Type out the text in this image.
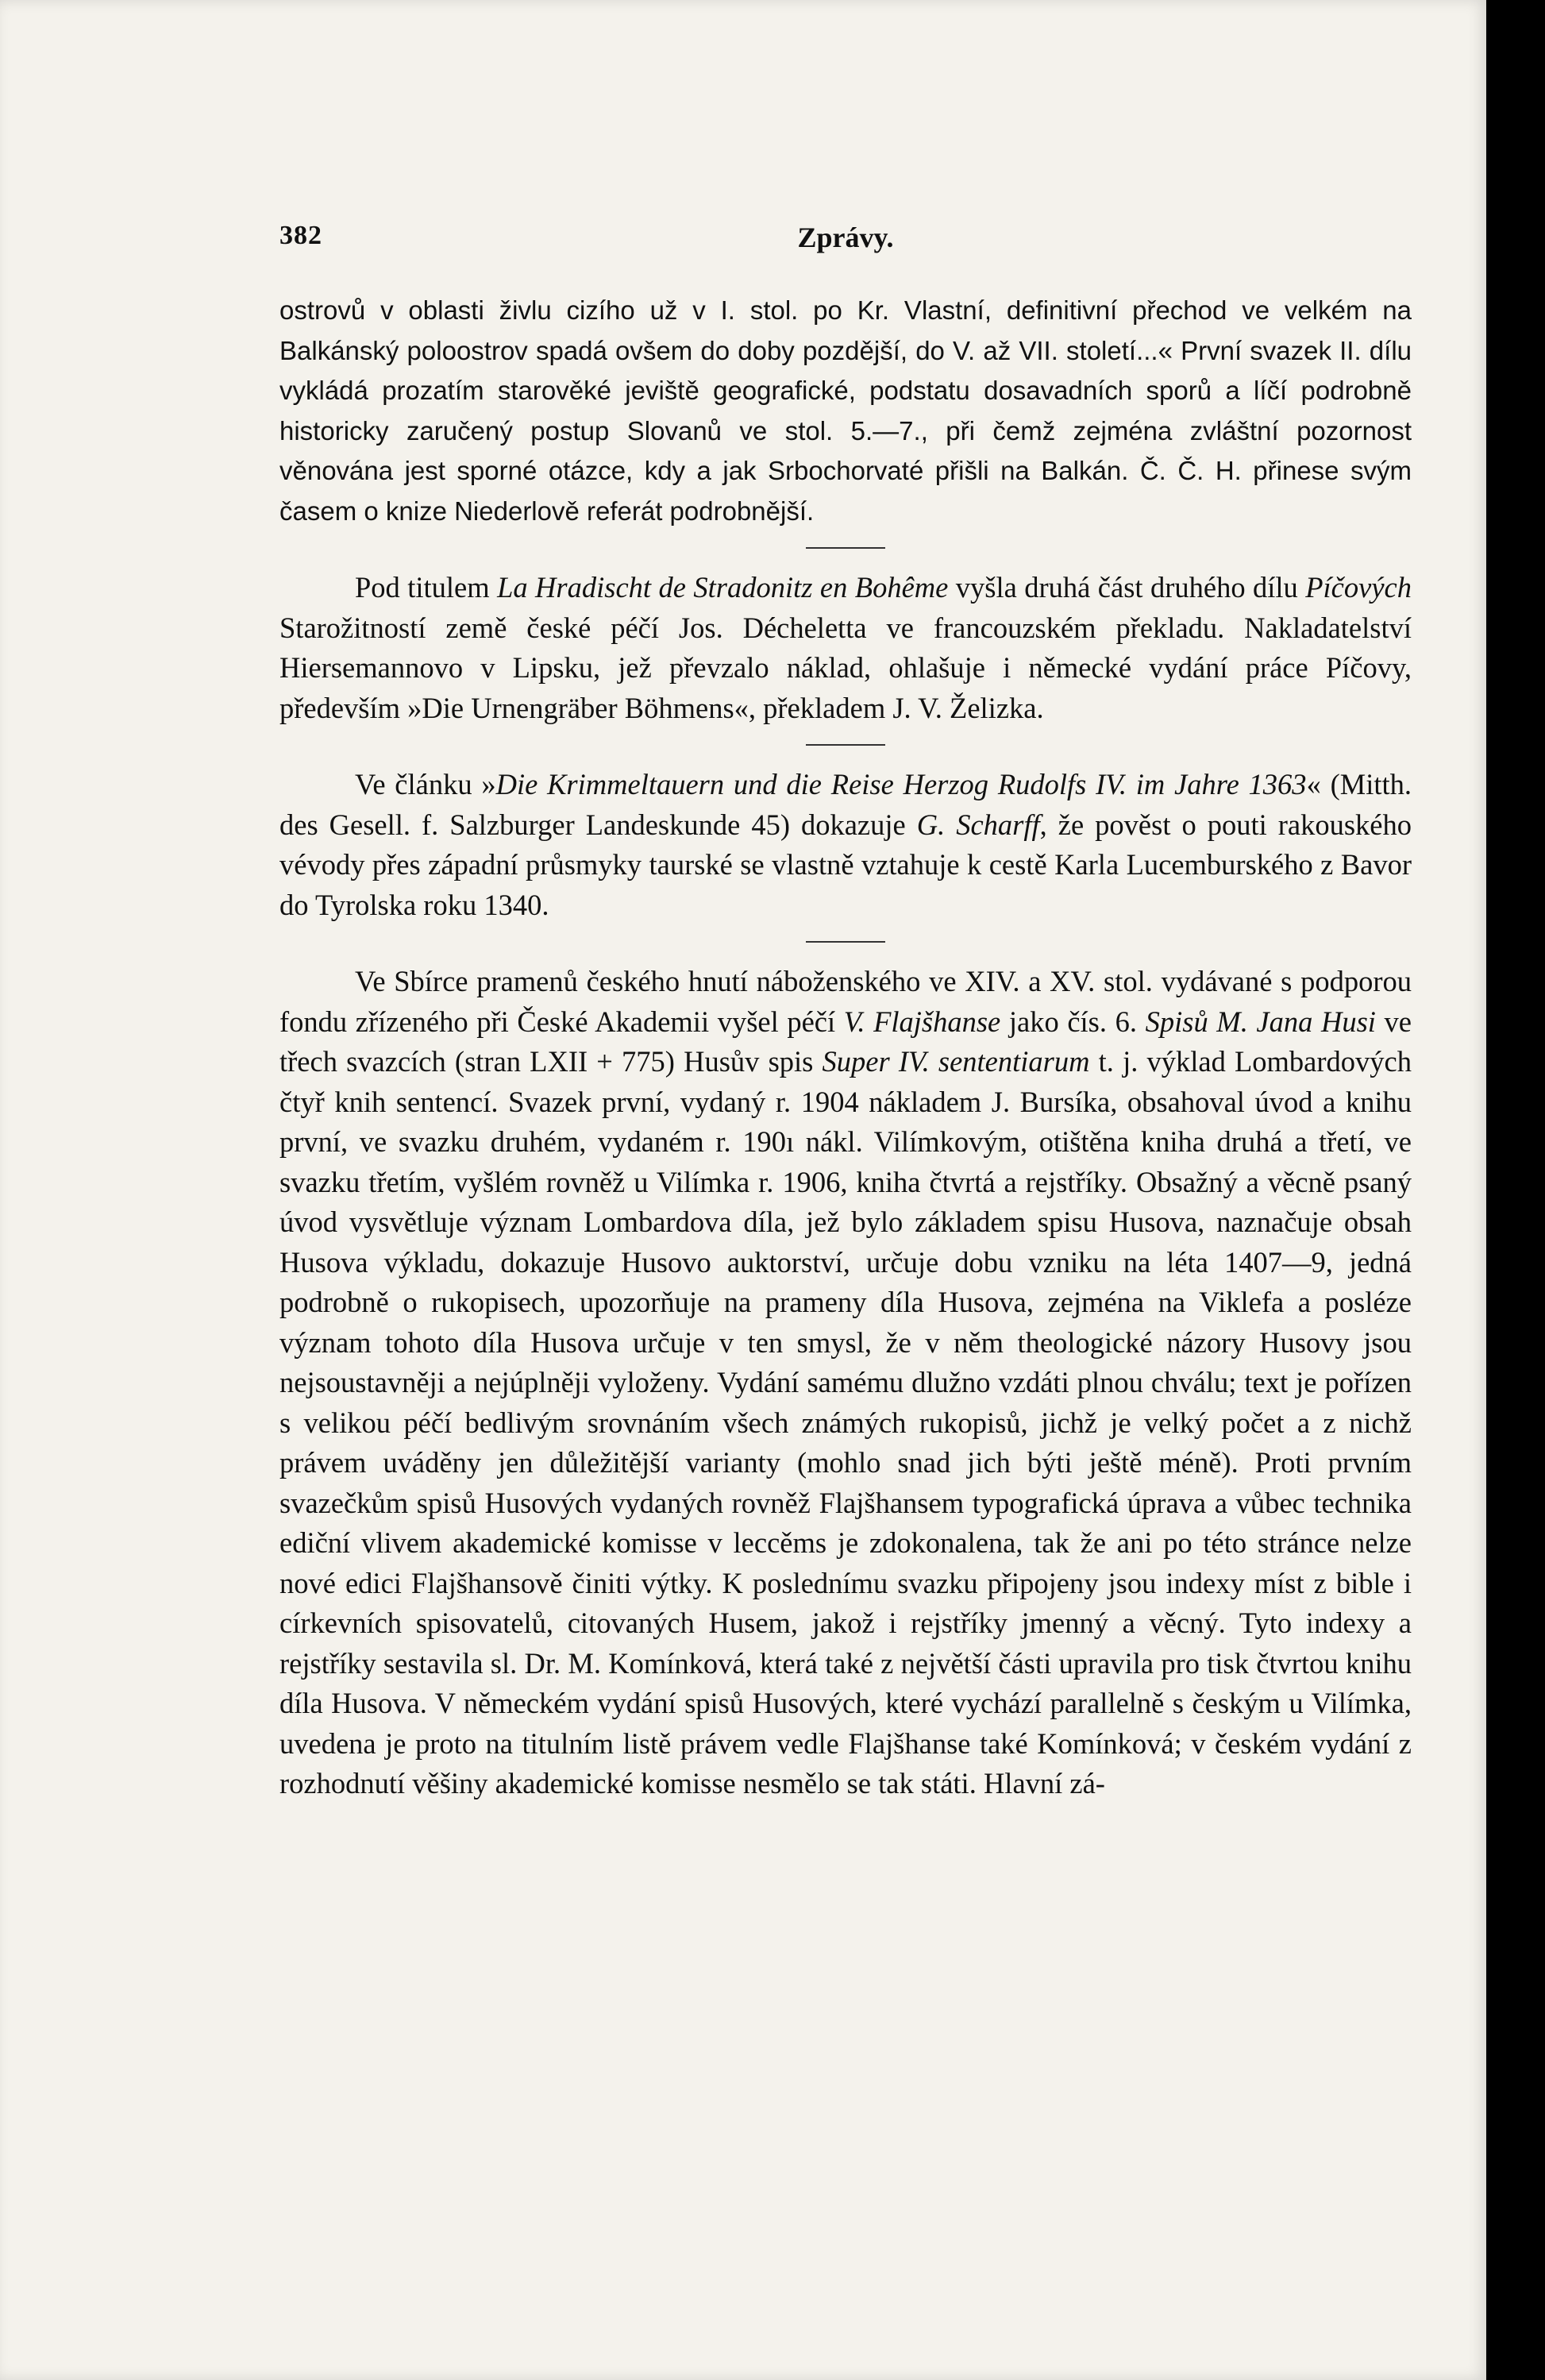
382	Zprávy.

ostrovů v oblasti živlu cizího už v I. stol. po Kr. Vlastní, definitivní přechod ve velkém na Balkánský poloostrov spadá ovšem do doby pozdější, do V. až VII. století...« První svazek II. dílu vykládá prozatím starověké jeviště geografické, podstatu dosavadních sporů a líčí podrobně historicky zaručený postup Slovanů ve stol. 5.—7., při čemž zejména zvláštní pozornost věnována jest sporné otázce, kdy a jak Srbochorvaté přišli na Balkán. Č. Č. H. přinese svým časem o knize Niederlově referát podrobnější.

Pod titulem La Hradischt de Stradonitz en Bohême vyšla druhá část druhého dílu Píčových Starožitností země české péčí Jos. Décheletta ve francouzském překladu. Nakladatelství Hiersemannovo v Lipsku, jež převzalo náklad, ohlašuje i německé vydání práce Píčovy, především »Die Urnengräber Böhmens«, překladem J. V. Želizka.

Ve článku »Die Krimmeltauern und die Reise Herzog Rudolfs IV. im Jahre 1363« (Mitth. des Gesell. f. Salzburger Landeskunde 45) dokazuje G. Scharff, že pověst o pouti rakouského vévody přes západní průsmyky taurské se vlastně vztahuje k cestě Karla Lucemburského z Bavor do Tyrolska roku 1340.

Ve Sbírce pramenů českého hnutí náboženského ve XIV. a XV. stol. vydávané s podporou fondu zřízeného při České Akademii vyšel péčí V. Flajšhanse jako čís. 6. Spisů M. Jana Husi ve třech svazcích (stran LXII + 775) Husův spis Super IV. sententiarum t. j. výklad Lombardových čtyř knih sentencí. Svazek první, vydaný r. 1904 nákladem J. Bursíka, obsahoval úvod a knihu první, ve svazku druhém, vydaném r. 190ı nákl. Vilímkovým, otištěna kniha druhá a třetí, ve svazku třetím, vyšlém rovněž u Vilímka r. 1906, kniha čtvrtá a rejstříky. Obsažný a věcně psaný úvod vysvětluje význam Lombardova díla, jež bylo základem spisu Husova, naznačuje obsah Husova výkladu, dokazuje Husovo auktorství, určuje dobu vzniku na léta 1407—9, jedná podrobně o rukopisech, upozorňuje na prameny díla Husova, zejména na Viklefa a posléze význam tohoto díla Husova určuje v ten smysl, že v něm theologické názory Husovy jsou nejsoustavněji a nejúplněji vyloženy. Vydání samému dlužno vzdáti plnou chválu; text je pořízen s velikou péčí bedlivým srovnáním všech známých rukopisů, jichž je velký počet a z nichž právem uváděny jen důležitější varianty (mohlo snad jich býti ještě méně). Proti prvním svazečkům spisů Husových vydaných rovněž Flajšhansem typografická úprava a vůbec technika ediční vlivem akademické komisse v leccěms je zdokonalena, tak že ani po této stránce nelze nové edici Flajšhansově činiti výtky. K poslednímu svazku připojeny jsou indexy míst z bible i církevních spisovatelů, citovaných Husem, jakož i rejstříky jmenný a věcný. Tyto indexy a rejstříky sestavila sl. Dr. M. Komínková, která také z největší části upravila pro tisk čtvrtou knihu díla Husova. V německém vydání spisů Husových, které vychází parallelně s českým u Vilímka, uvedena je proto na titulním listě právem vedle Flajšhanse také Komínková; v českém vydání z rozhodnutí věšiny akademické komisse nesmělo se tak státi. Hlavní zá-
